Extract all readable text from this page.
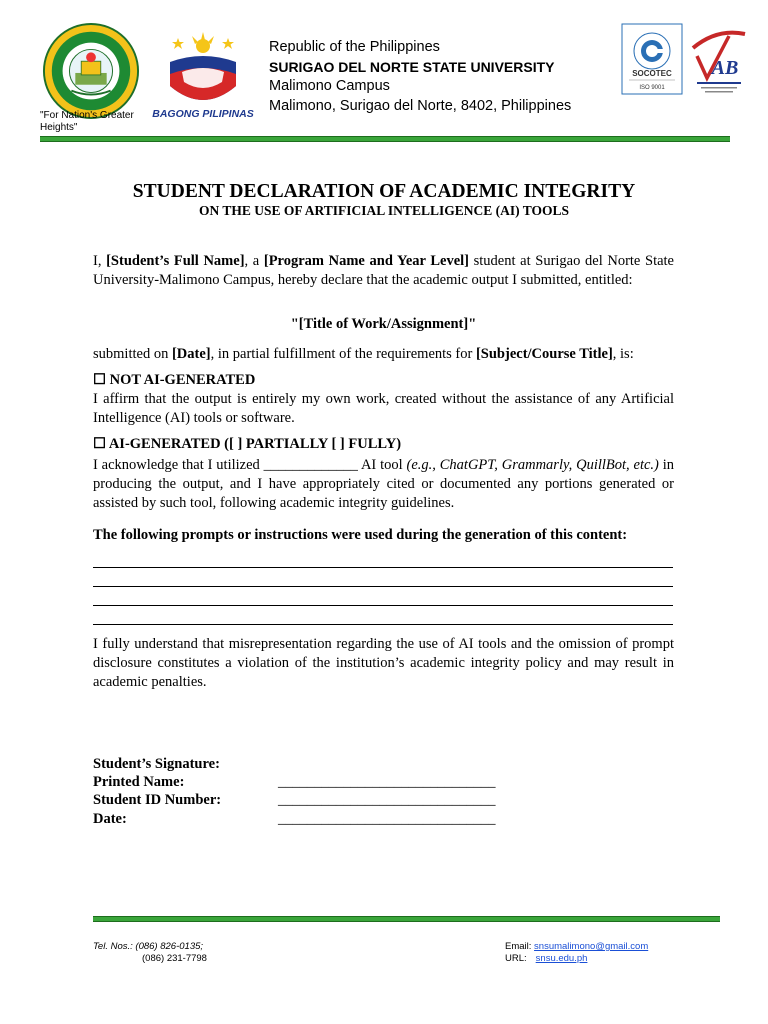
"For Nation's Greater Heights"
BAGONG PILIPINAS
Republic of the Philippines
SURIGAO DEL NORTE STATE UNIVERSITY
Malimono Campus
Malimono, Surigao del Norte, 8402, Philippines
SOCOTEC
ISO 9001
AB
STUDENT DECLARATION OF ACADEMIC INTEGRITY
ON THE USE OF ARTIFICIAL INTELLIGENCE (AI) TOOLS
I, [Student’s Full Name], a [Program Name and Year Level] student at Surigao del Norte State University-Malimono Campus, hereby declare that the academic output I submitted, entitled:
"[Title of Work/Assignment]"
submitted on [Date], in partial fulfillment of the requirements for [Subject/Course Title], is:
☐ NOT AI-GENERATED
I affirm that the output is entirely my own work, created without the assistance of any Artificial Intelligence (AI) tools or software.
☐ AI-GENERATED ([ ] PARTIALLY [ ] FULLY)
I acknowledge that I utilized _____________ AI tool (e.g., ChatGPT, Grammarly, QuillBot, etc.) in producing the output, and I have appropriately cited or documented any portions generated or assisted by such tool, following academic integrity guidelines.
The following prompts or instructions were used during the generation of this content:
I fully understand that misrepresentation regarding the use of AI tools and the omission of prompt disclosure constitutes a violation of the institution’s academic integrity policy and may result in academic penalties.
Student’s Signature:
Printed Name:
Student ID Number:
Date:
______________________________
______________________________
______________________________
Tel. Nos.: (086) 826-0135;
(086) 231-7798
Email: snsumalimono@gmail.com
URL: snsu.edu.ph
